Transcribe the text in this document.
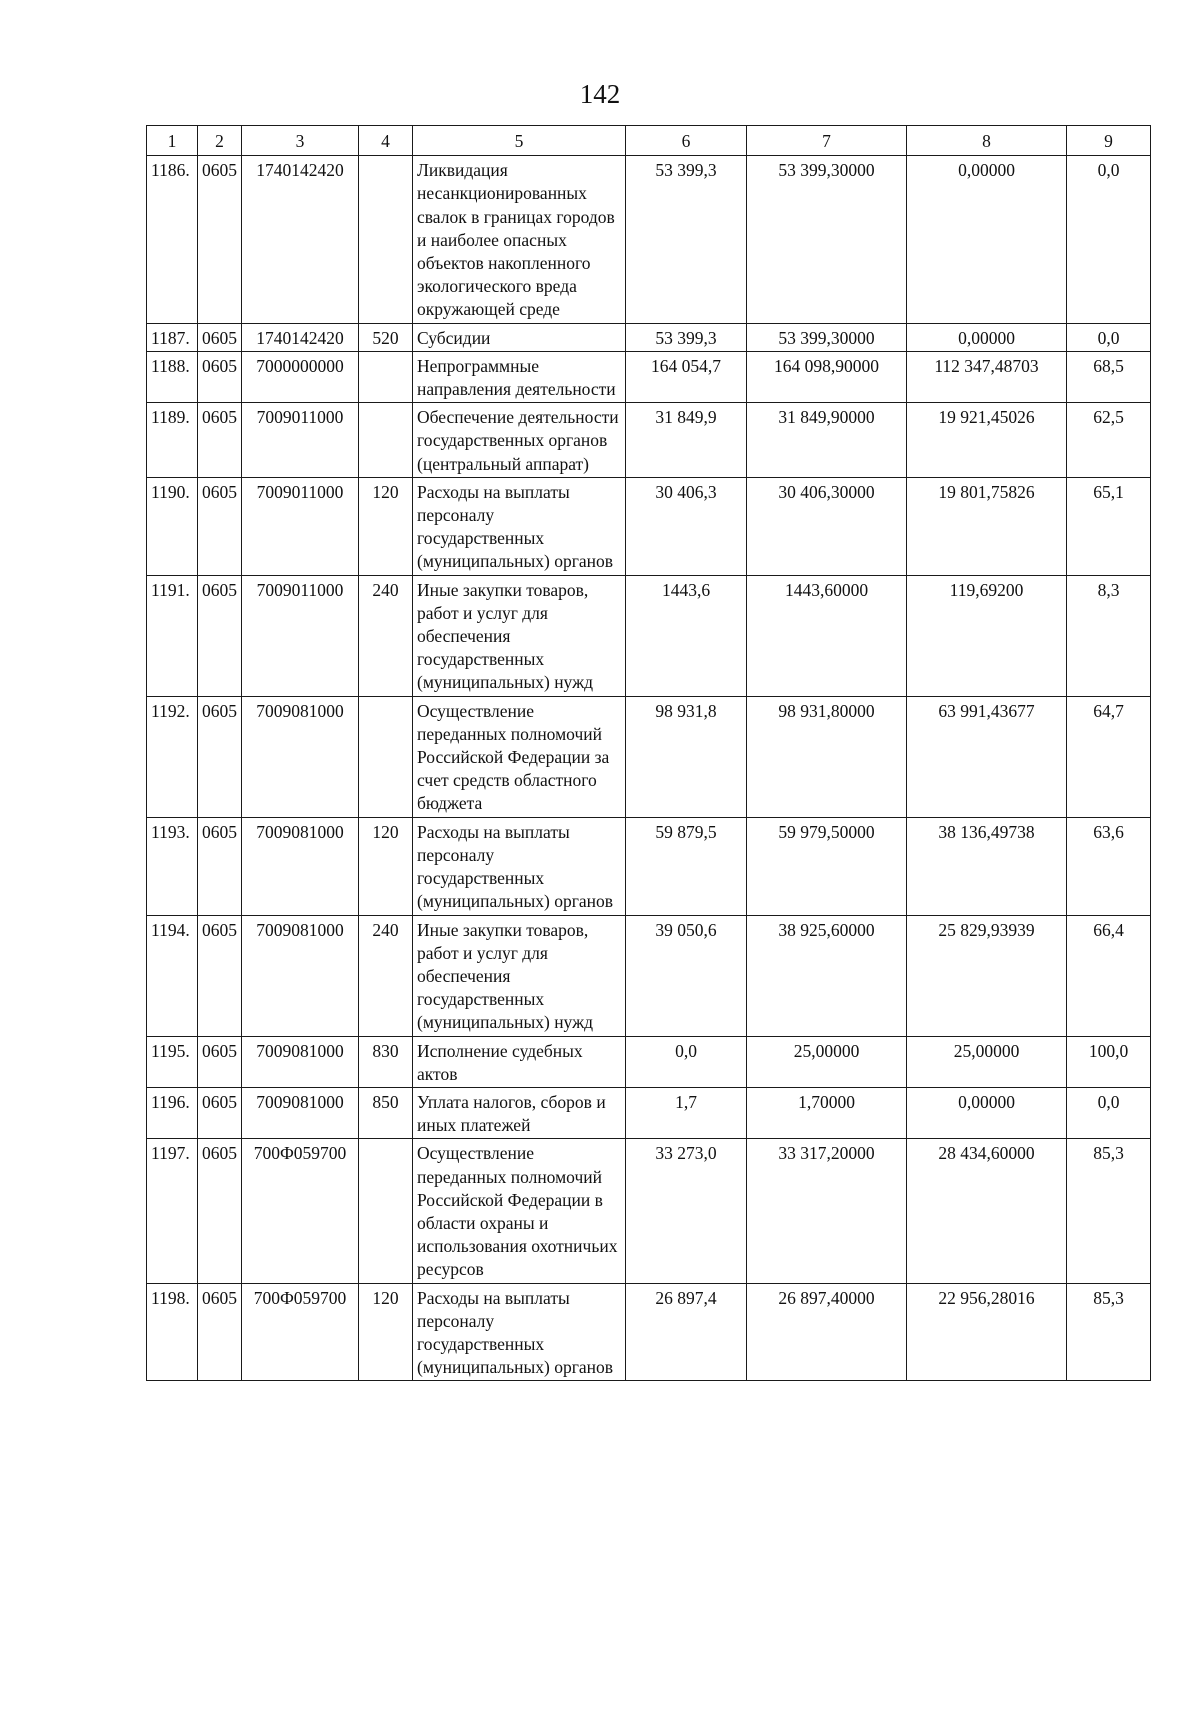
142
1	2	3	4	5	6	7	8	9
1186.	0605	1740142420		Ликвидация несанкционированных свалок в границах городов и наиболее опасных объектов накопленного экологического вреда окружающей среде	53 399,3	53 399,30000	0,00000	0,0
1187.	0605	1740142420	520	Субсидии	53 399,3	53 399,30000	0,00000	0,0
1188.	0605	7000000000		Непрограммные направления деятельности	164 054,7	164 098,90000	112 347,48703	68,5
1189.	0605	7009011000		Обеспечение деятельности государственных органов (центральный аппарат)	31 849,9	31 849,90000	19 921,45026	62,5
1190.	0605	7009011000	120	Расходы на выплаты персоналу государственных (муниципальных) органов	30 406,3	30 406,30000	19 801,75826	65,1
1191.	0605	7009011000	240	Иные закупки товаров, работ и услуг для обеспечения государственных (муниципальных) нужд	1443,6	1443,60000	119,69200	8,3
1192.	0605	7009081000		Осуществление переданных полномочий Российской Федерации за счет средств областного бюджета	98 931,8	98 931,80000	63 991,43677	64,7
1193.	0605	7009081000	120	Расходы на выплаты персоналу государственных (муниципальных) органов	59 879,5	59 979,50000	38 136,49738	63,6
1194.	0605	7009081000	240	Иные закупки товаров, работ и услуг для обеспечения государственных (муниципальных) нужд	39 050,6	38 925,60000	25 829,93939	66,4
1195.	0605	7009081000	830	Исполнение судебных актов	0,0	25,00000	25,00000	100,0
1196.	0605	7009081000	850	Уплата налогов, сборов и иных платежей	1,7	1,70000	0,00000	0,0
1197.	0605	700Ф059700		Осуществление переданных полномочий Российской Федерации в области охраны и использования охотничьих ресурсов	33 273,0	33 317,20000	28 434,60000	85,3
1198.	0605	700Ф059700	120	Расходы на выплаты персоналу государственных (муниципальных) органов	26 897,4	26 897,40000	22 956,28016	85,3
